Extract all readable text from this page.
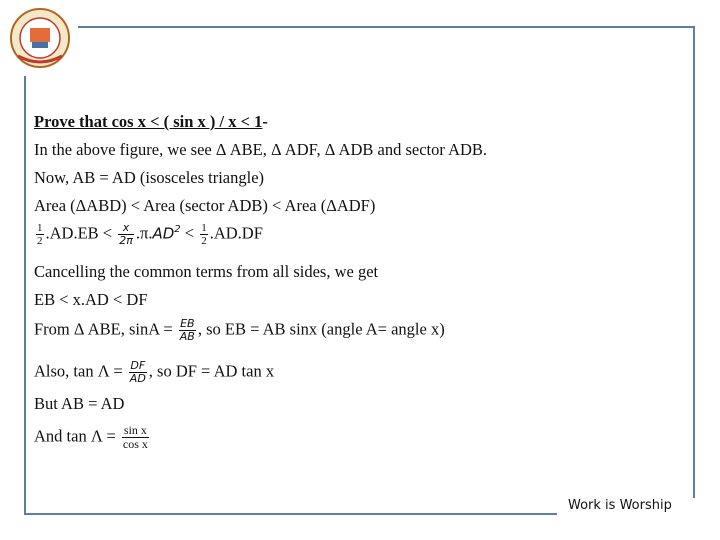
Prove that cos x < ( sin x ) / x < 1-
In the above figure, we see Δ ABE, Δ ADF, Δ ADB and sector ADB.
Now, AB = AD (isosceles triangle)
Area (ΔABD) < Area (sector ADB) < Area (ΔADF)
$\frac{1}{2} .AD.EB < \frac{x}{2\pi} .\pi.AD^2 < \frac{1}{2} .AD.DF$
Cancelling the common terms from all sides, we get
EB < x.AD < DF
From Δ ABE, $\sin A = \frac{EB}{AB}$ , so EB = AB sinx (angle A= angle x)
Also, $\tan \Lambda = \frac{DF}{AD}$ , so DF = AD tan x
But AB = AD
And $\tan \Lambda = \frac{\text{sin x}}{\text{cos x}}$
Work is Worship
